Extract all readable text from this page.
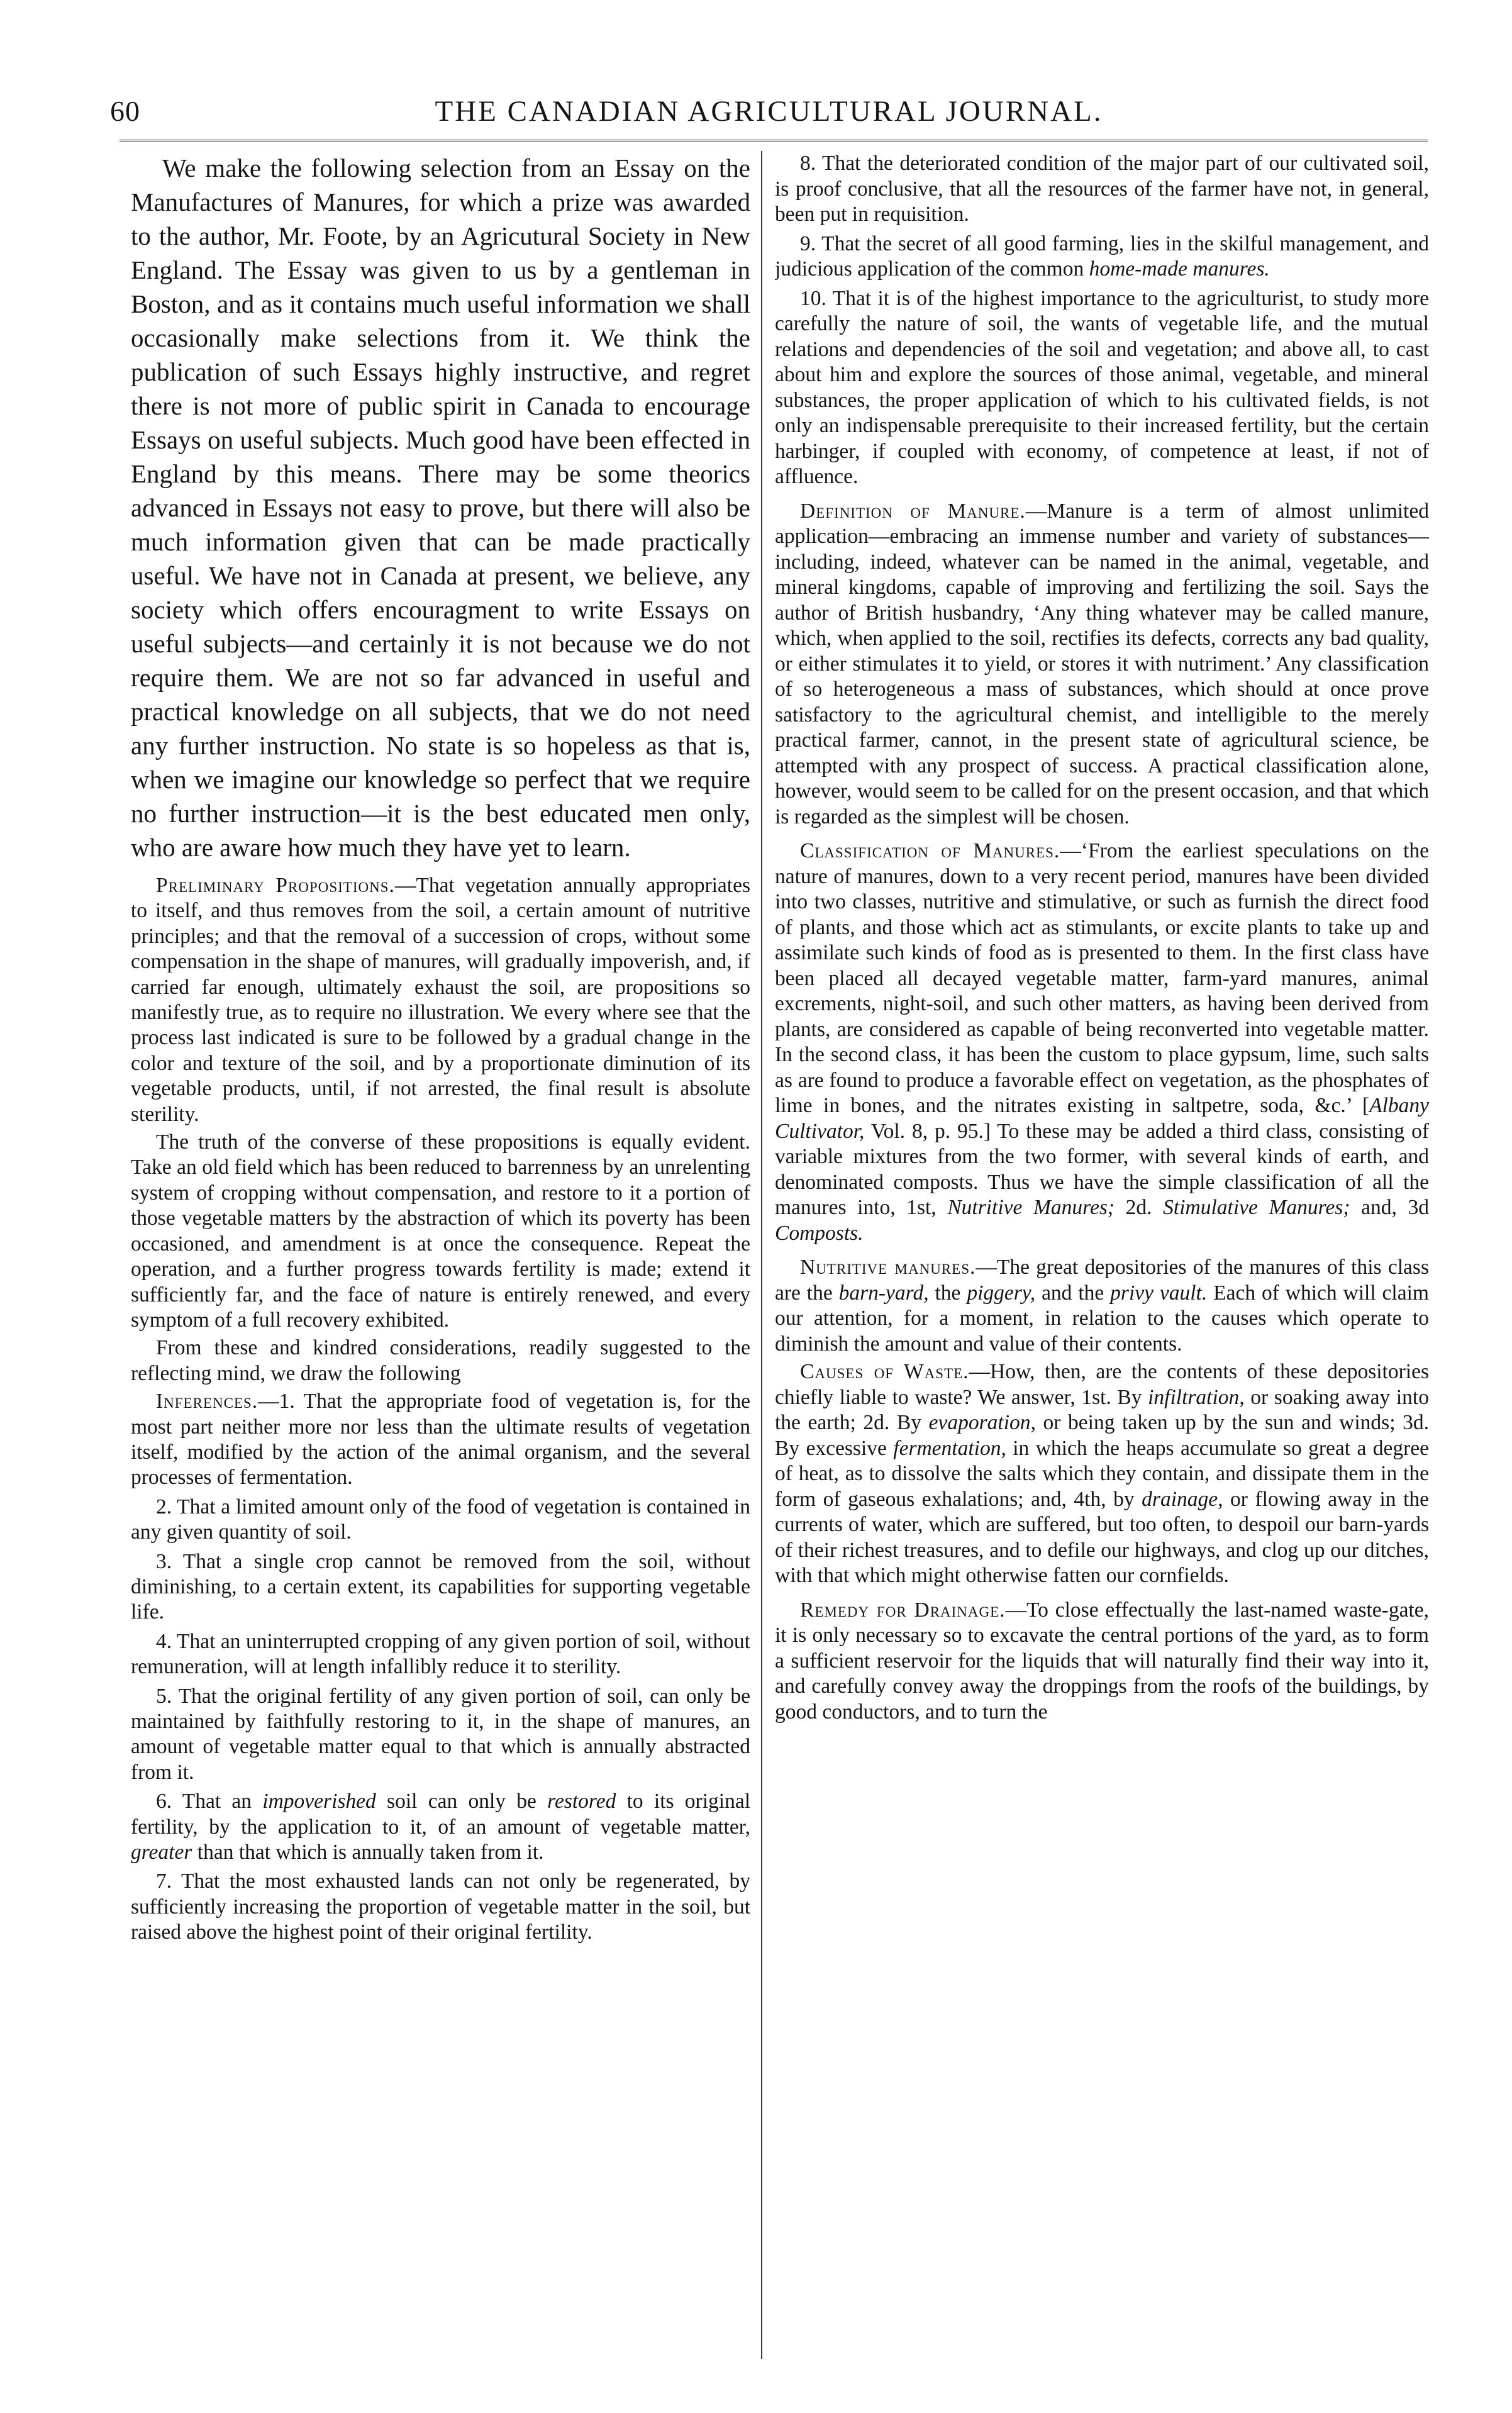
60	THE CANADIAN AGRICULTURAL JOURNAL.

We make the following selection from an Essay on the Manufactures of Manures, for which a prize was awarded to the author, Mr. Foote, by an Agricutural Society in New England. The Essay was given to us by a gentleman in Boston, and as it contains much useful information we shall occasionally make selections from it. We think the publication of such Essays highly instructive, and regret there is not more of public spirit in Canada to encourage Essays on useful subjects. Much good have been effected in England by this means. There may be some theorics advanced in Essays not easy to prove, but there will also be much information given that can be made practically useful. We have not in Canada at present, we believe, any society which offers encouragment to write Essays on useful subjects—and certainly it is not because we do not require them. We are not so far advanced in useful and practical knowledge on all subjects, that we do not need any further instruction. No state is so hopeless as that is, when we imagine our knowledge so perfect that we require no further instruction—it is the best educated men only, who are aware how much they have yet to learn.

Preliminary Propositions.—That vegetation annually appropriates to itself, and thus removes from the soil, a certain amount of nutritive principles; and that the removal of a succession of crops, without some compensation in the shape of manures, will gradually impoverish, and, if carried far enough, ultimately exhaust the soil, are propositions so manifestly true, as to require no illustration. We every where see that the process last indicated is sure to be followed by a gradual change in the color and texture of the soil, and by a proportionate diminution of its vegetable products, until, if not arrested, the final result is absolute sterility.

The truth of the converse of these propositions is equally evident. Take an old field which has been reduced to barrenness by an unrelenting system of cropping without compensation, and restore to it a portion of those vegetable matters by the abstraction of which its poverty has been occasioned, and amendment is at once the consequence. Repeat the operation, and a further progress towards fertility is made; extend it sufficiently far, and the face of nature is entirely renewed, and every symptom of a full recovery exhibited.

From these and kindred considerations, readily suggested to the reflecting mind, we draw the following

Inferences.—1. That the appropriate food of vegetation is, for the most part neither more nor less than the ultimate results of vegetation itself, modified by the action of the animal organism, and the several processes of fermentation.

2. That a limited amount only of the food of vegetation is contained in any given quantity of soil.

3. That a single crop cannot be removed from the soil, without diminishing, to a certain extent, its capabilities for supporting vegetable life.

4. That an uninterrupted cropping of any given portion of soil, without remuneration, will at length infallibly reduce it to sterility.

5. That the original fertility of any given portion of soil, can only be maintained by faithfully restoring to it, in the shape of manures, an amount of vegetable matter equal to that which is annually abstracted from it.

6. That an impoverished soil can only be restored to its original fertility, by the application to it, of an amount of vegetable matter, greater than that which is annually taken from it.

7. That the most exhausted lands can not only be regenerated, by sufficiently increasing the proportion of vegetable matter in the soil, but raised above the highest point of their original fertility.

8. That the deteriorated condition of the major part of our cultivated soil, is proof conclusive, that all the resources of the farmer have not, in general, been put in requisition.

9. That the secret of all good farming, lies in the skilful management, and judicious application of the common home-made manures.

10. That it is of the highest importance to the agriculturist, to study more carefully the nature of soil, the wants of vegetable life, and the mutual relations and dependencies of the soil and vegetation; and above all, to cast about him and explore the sources of those animal, vegetable, and mineral substances, the proper application of which to his cultivated fields, is not only an indispensable prerequisite to their increased fertility, but the certain harbinger, if coupled with economy, of competence at least, if not of affluence.

Definition of Manure.—Manure is a term of almost unlimited application—embracing an immense number and variety of substances—including, indeed, whatever can be named in the animal, vegetable, and mineral kingdoms, capable of improving and fertilizing the soil. Says the author of British husbandry, ‘Any thing whatever may be called manure, which, when applied to the soil, rectifies its defects, corrects any bad quality, or either stimulates it to yield, or stores it with nutriment.’ Any classification of so heterogeneous a mass of substances, which should at once prove satisfactory to the agricultural chemist, and intelligible to the merely practical farmer, cannot, in the present state of agricultural science, be attempted with any prospect of success. A practical classification alone, however, would seem to be called for on the present occasion, and that which is regarded as the simplest will be chosen.

Classification of Manures.—‘From the earliest speculations on the nature of manures, down to a very recent period, manures have been divided into two classes, nutritive and stimulative, or such as furnish the direct food of plants, and those which act as stimulants, or excite plants to take up and assimilate such kinds of food as is presented to them. In the first class have been placed all decayed vegetable matter, farm-yard manures, animal excrements, night-soil, and such other matters, as having been derived from plants, are considered as capable of being reconverted into vegetable matter. In the second class, it has been the custom to place gypsum, lime, such salts as are found to produce a favorable effect on vegetation, as the phosphates of lime in bones, and the nitrates existing in saltpetre, soda, &c.’ [Albany Cultivator, Vol. 8, p. 95.] To these may be added a third class, consisting of variable mixtures from the two former, with several kinds of earth, and denominated composts. Thus we have the simple classification of all the manures into, 1st, Nutritive Manures; 2d. Stimulative Manures; and, 3d Composts.

Nutritive manures.—The great depositories of the manures of this class are the barn-yard, the piggery, and the privy vault. Each of which will claim our attention, for a moment, in relation to the causes which operate to diminish the amount and value of their contents.

Causes of Waste.—How, then, are the contents of these depositories chiefly liable to waste? We answer, 1st. By infiltration, or soaking away into the earth; 2d. By evaporation, or being taken up by the sun and winds; 3d. By excessive fermentation, in which the heaps accumulate so great a degree of heat, as to dissolve the salts which they contain, and dissipate them in the form of gaseous exhalations; and, 4th, by drainage, or flowing away in the currents of water, which are suffered, but too often, to despoil our barn-yards of their richest treasures, and to defile our highways, and clog up our ditches, with that which might otherwise fatten our cornfields.

Remedy for Drainage.—To close effectually the last-named waste-gate, it is only necessary so to excavate the central portions of the yard, as to form a sufficient reservoir for the liquids that will naturally find their way into it, and carefully convey away the droppings from the roofs of the buildings, by good conductors, and to turn the
